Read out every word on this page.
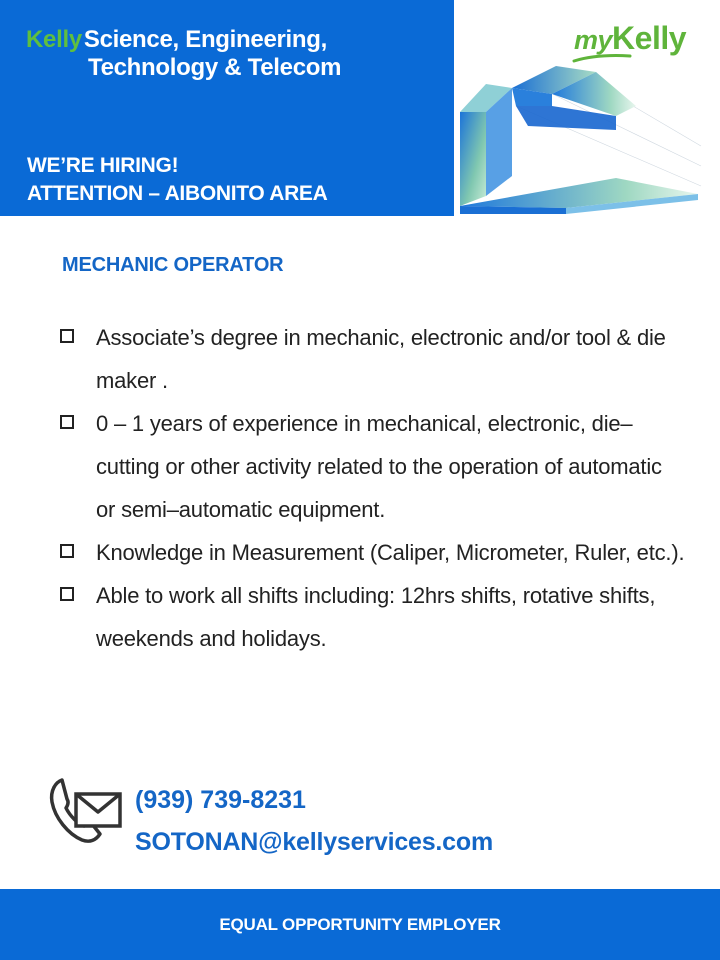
KellyScience, Engineering,
Technology & Telecom
WE’RE HIRING!
ATTENTION – AIBONITO AREA
myKelly
MECHANIC OPERATOR
Associate’s degree in mechanic, electronic and/or tool & die maker .
0 – 1 years of experience in mechanical, electronic, die–cutting or other activity related to the operation of automatic or semi–automatic equipment.
Knowledge in Measurement (Caliper, Micrometer, Ruler, etc.).
Able to work all shifts including: 12hrs shifts, rotative shifts, weekends and holidays.
(939) 739-8231
SOTONAN@kellyservices.com
EQUAL OPPORTUNITY EMPLOYER
